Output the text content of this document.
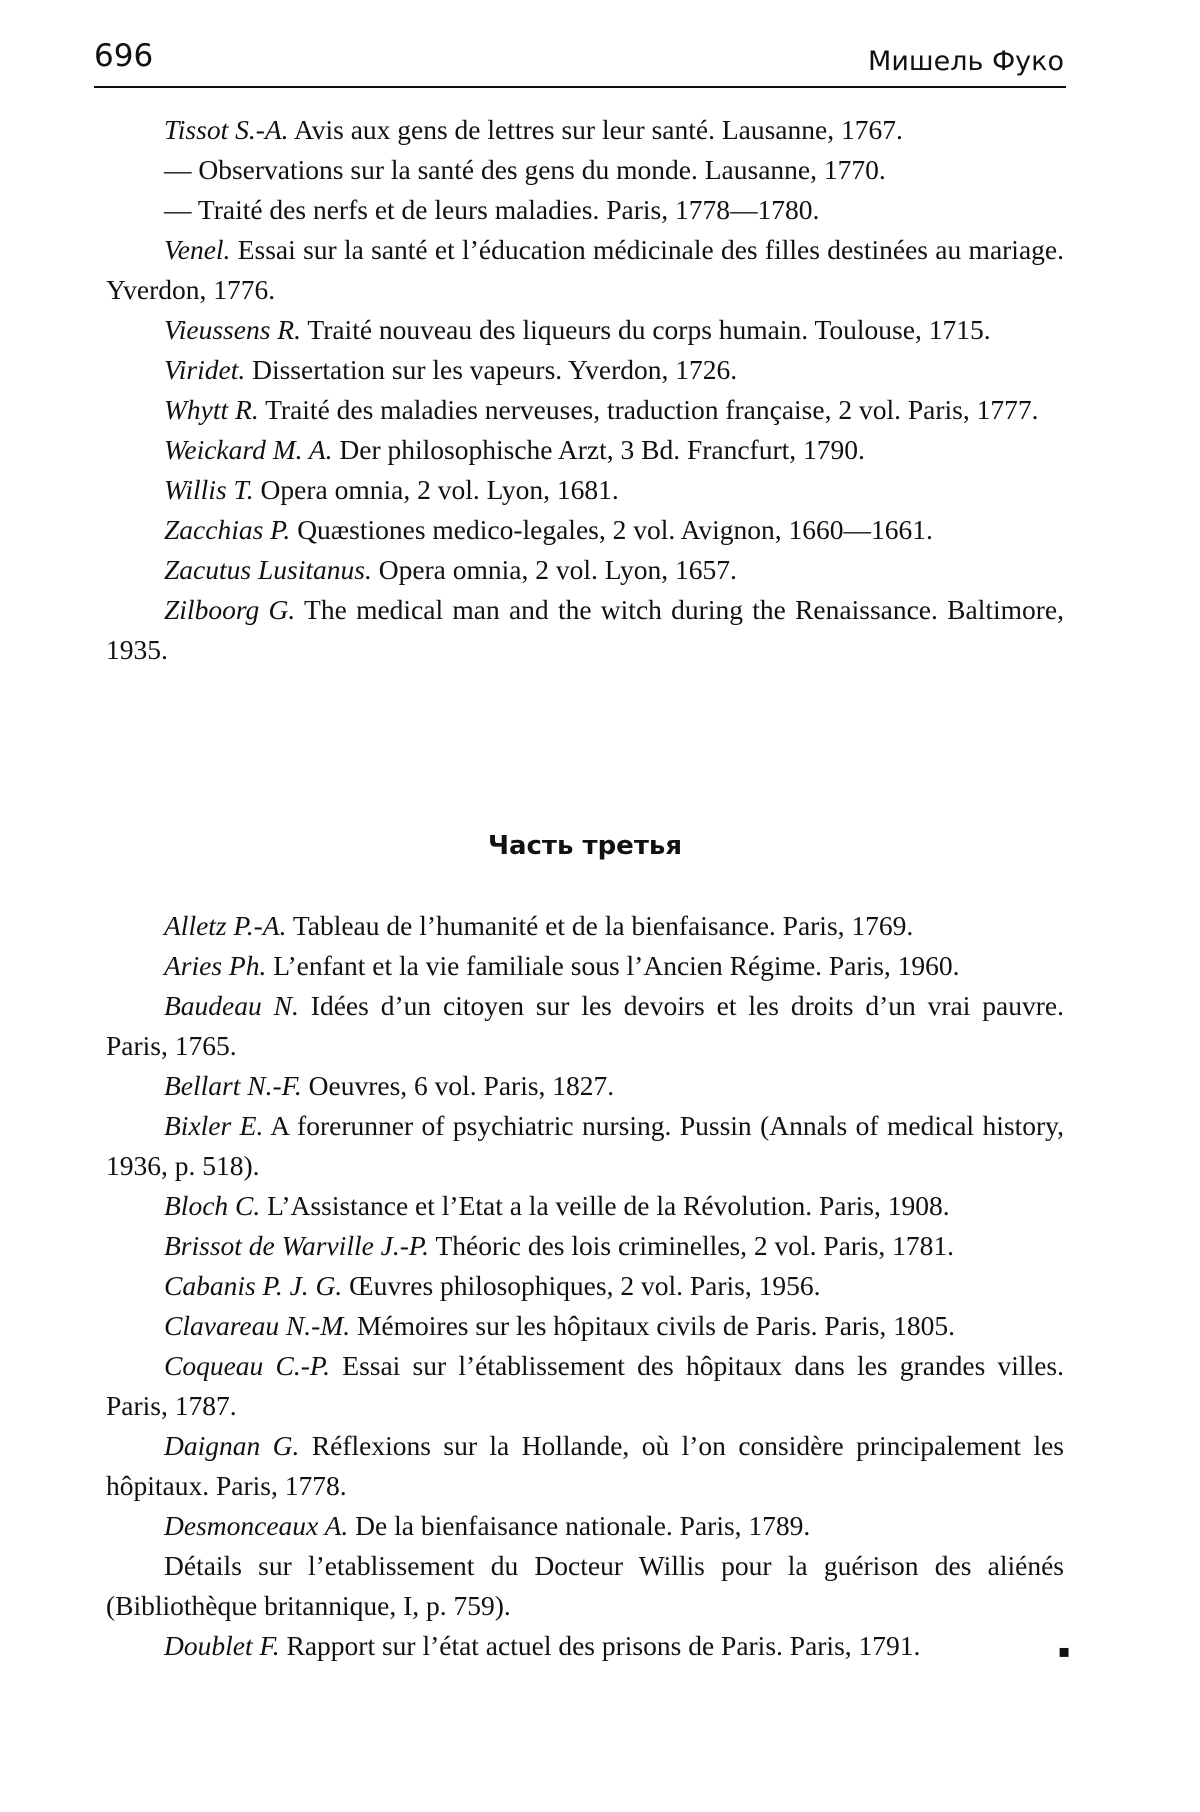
696	Мишель Фуко
Tissot S.-A. Avis aux gens de lettres sur leur santé. Lausanne, 1767.
— Observations sur la santé des gens du monde. Lausanne, 1770.
— Traité des nerfs et de leurs maladies. Paris, 1778—1780.
Venel. Essai sur la santé et l’éducation médicinale des filles destinées au mariage. Yverdon, 1776.
Vieussens R. Traité nouveau des liqueurs du corps humain. Toulouse, 1715.
Viridet. Dissertation sur les vapeurs. Yverdon, 1726.
Whytt R. Traité des maladies nerveuses, traduction française, 2 vol. Paris, 1777.
Weickard M. A. Der philosophische Arzt, 3 Bd. Francfurt, 1790.
Willis T. Opera omnia, 2 vol. Lyon, 1681.
Zacchias P. Quæstiones medico-legales, 2 vol. Avignon, 1660—1661.
Zacutus Lusitanus. Opera omnia, 2 vol. Lyon, 1657.
Zilboorg G. The medical man and the witch during the Renaissance. Baltimore, 1935.
Часть третья
Alletz P.-A. Tableau de l’humanité et de la bienfaisance. Paris, 1769.
Aries Ph. L’enfant et la vie familiale sous l’Ancien Régime. Paris, 1960.
Baudeau N. Idées d’un citoyen sur les devoirs et les droits d’un vrai pauvre. Paris, 1765.
Bellart N.-F. Oeuvres, 6 vol. Paris, 1827.
Bixler E. A forerunner of psychiatric nursing. Pussin (Annals of medical history, 1936, p. 518).
Bloch C. L’Assistance et l’Etat a la veille de la Révolution. Paris, 1908.
Brissot de Warville J.-P. Théoric des lois criminelles, 2 vol. Paris, 1781.
Cabanis P. J. G. Œuvres philosophiques, 2 vol. Paris, 1956.
Clavareau N.-M. Mémoires sur les hôpitaux civils de Paris. Paris, 1805.
Coqueau C.-P. Essai sur l’établissement des hôpitaux dans les grandes villes. Paris, 1787.
Daignan G. Réflexions sur la Hollande, où l’on considère principalement les hôpitaux. Paris, 1778.
Desmonceaux A. De la bienfaisance nationale. Paris, 1789.
Détails sur l’etablissement du Docteur Willis pour la guérison des aliénés (Bibliothèque britannique, I, p. 759).
Doublet F. Rapport sur l’état actuel des prisons de Paris. Paris, 1791.	▪
